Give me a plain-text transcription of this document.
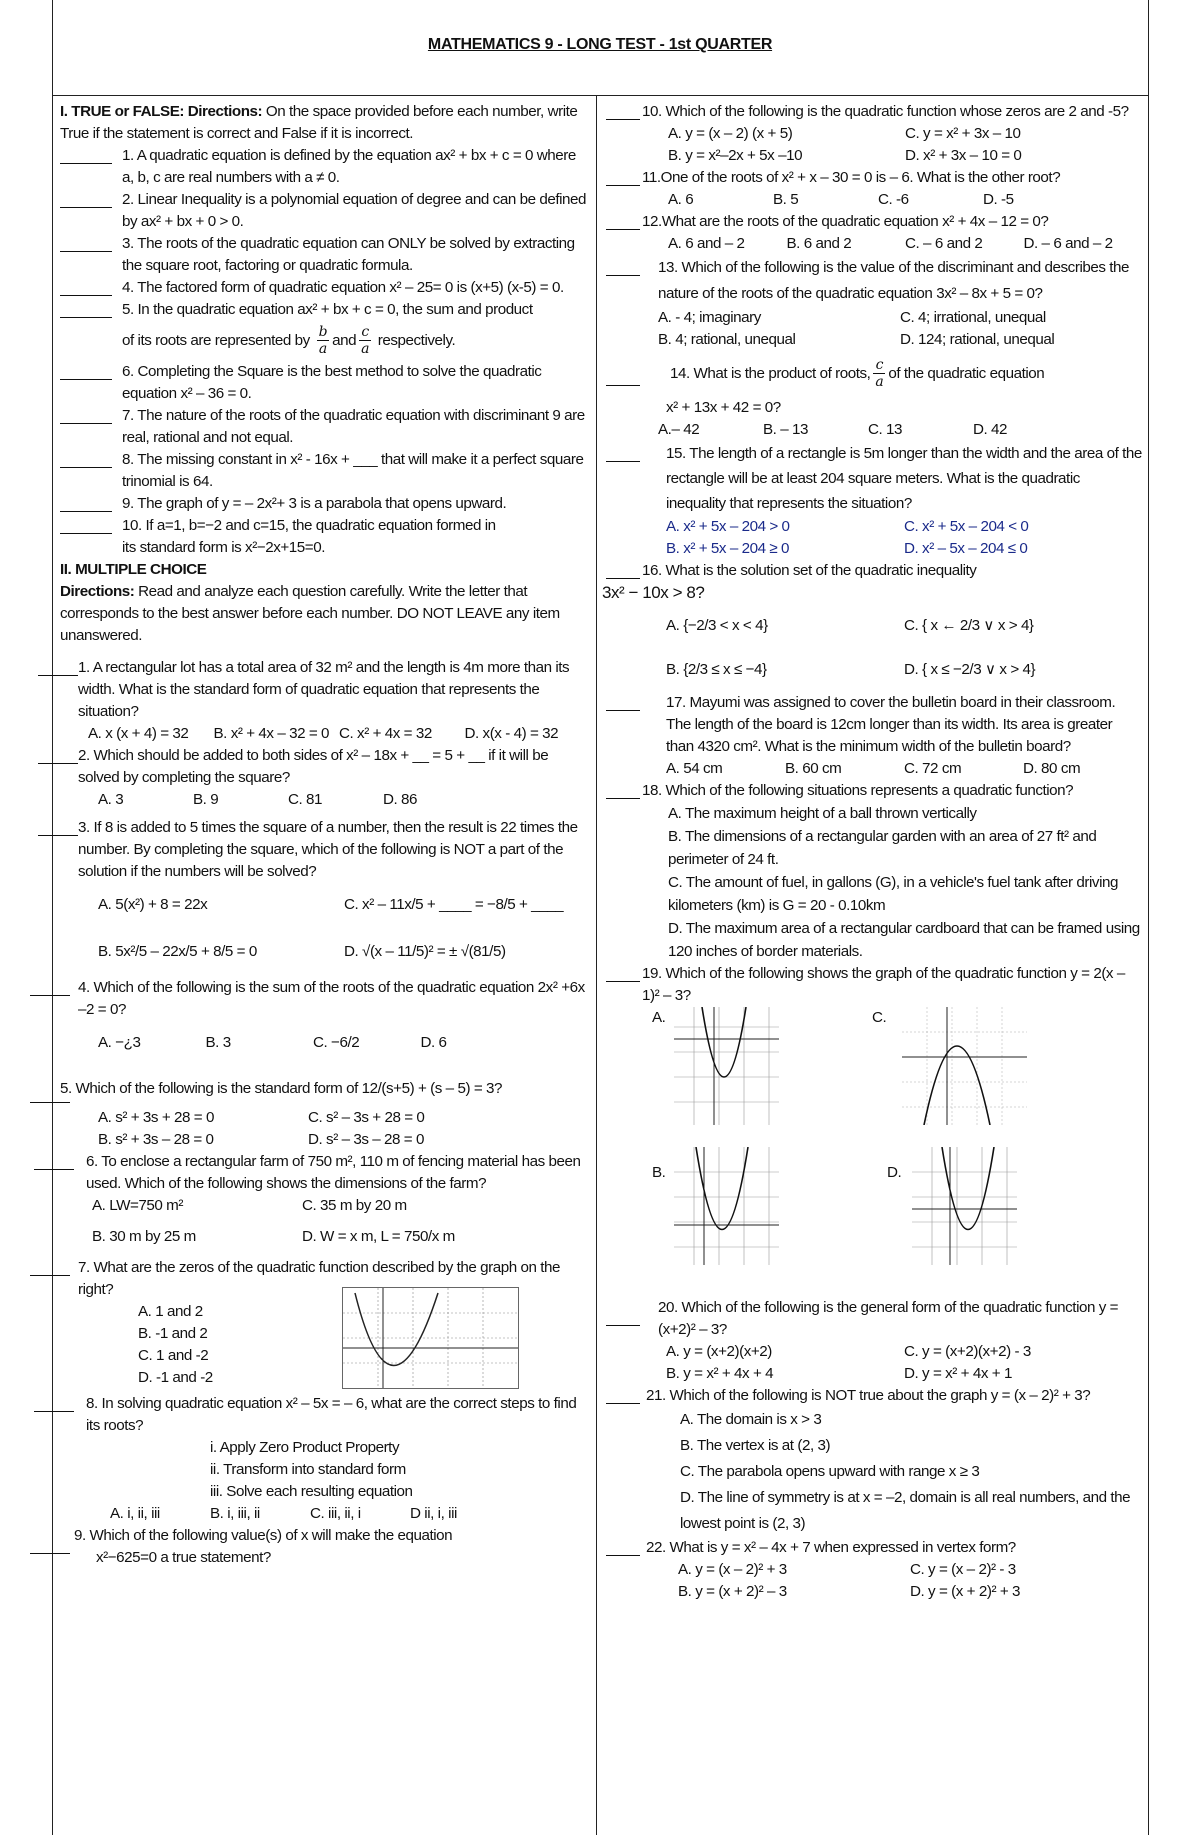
MATHEMATICS 9 - LONG TEST - 1st QUARTER

I. TRUE or FALSE: Directions: On the space provided before each number, write True if the statement is correct and False if it is incorrect.

1. A quadratic equation is defined by the equation ax² + bx + c = 0 where a, b, c are real numbers with a ≠ 0.

2. Linear Inequality is a polynomial equation of degree and can be defined by ax² + bx + 0 > 0.

3. The roots of the quadratic equation can ONLY be solved by extracting the square root, factoring or quadratic formula.

4. The factored form of quadratic equation x² – 25= 0 is (x+5) (x-5) = 0.

5. In the quadratic equation ax² + bx + c = 0, the sum and product

of its roots are represented by $\frac{b}{a}$ and $\frac{c}{a}$ respectively.

6. Completing the Square is the best method to solve the quadratic equation x² – 36 = 0.

7. The nature of the roots of the quadratic equation with discriminant 9 are real, rational and not equal.

8. The missing constant in x² - 16x + ___ that will make it a perfect square trinomial is 64.

9. The graph of y = – 2x²+ 3 is a parabola that opens upward.

10. If a=1, b=−2 and c=15, the quadratic equation formed in

its standard form is x²−2x+15=0.

II. MULTIPLE CHOICE

Directions: Read and analyze each question carefully. Write the letter that corresponds to the best answer before each number. DO NOT LEAVE any item unanswered.

1. A rectangular lot has a total area of 32 m² and the length is 4m more than its width. What is the standard form of quadratic equation that represents the situation?

A. x (x + 4) = 32	B. x² + 4x – 32 = 0 C. x² + 4x = 32	D. x(x - 4) = 32

2. Which should be added to both sides of x² – 18x + __ = 5 + __ if it will be solved by completing the square?

A. 3	B. 9	C. 81	D. 86

3. If 8 is added to 5 times the square of a number, then the result is 22 times the number. By completing the square, which of the following is NOT a part of the solution if the numbers will be solved?

A. 5(x²) + 8 = 22x	C. x² – 11x/5 + ____ = −8/5 + ____
B. 5x²/5 – 22x/5 + 8/5 = 0	D. √(x – 11/5)² = ± √(81/5)

4. Which of the following is the sum of the roots of the quadratic equation 2x² +6x –2 = 0?

A. −¿3	B. 3	C. −6/2	D. 6

5. Which of the following is the standard form of 12/(s+5) + (s – 5) = 3?

A. s² + 3s + 28 = 0	C. s² – 3s + 28 = 0
B. s² + 3s – 28 = 0	D. s² – 3s – 28 = 0

6. To enclose a rectangular farm of 750 m², 110 m of fencing material has been used. Which of the following shows the dimensions of the farm?

A. LW=750 m²	C. 35 m by 20 m
B. 30 m by 25 m	D. W = x m, L = 750/x m

7. What are the zeros of the quadratic function described by the graph on the right?

A. 1 and 2
B. -1 and 2
C. 1 and -2
D. -1 and -2

8. In solving quadratic equation x² – 5x = – 6, what are the correct steps to find its roots?

i. Apply Zero Product Property
ii. Transform into standard form
iii. Solve each resulting equation
A. i, ii, iii	B. i, iii, ii	C. iii, ii, i	D ii, i, iii

9. Which of the following value(s) of x will make the equation

x²−625=0 a true statement?

10. Which of the following is the quadratic function whose zeros are 2 and -5?

A. y = (x – 2) (x + 5)	C. y = x² + 3x – 10
B. y = x²–2x + 5x –10	D. x² + 3x – 10 = 0

11.One of the roots of x² + x – 30 = 0 is – 6. What is the other root?

A. 6	B. 5	C. -6	D. -5

12.What are the roots of the quadratic equation x² + 4x – 12 = 0?

A. 6 and – 2	B. 6 and 2	C. – 6 and 2	D. – 6 and – 2

13. Which of the following is the value of the discriminant and describes the nature of the roots of the quadratic equation 3x² – 8x + 5 = 0?

A. - 4; imaginary	C. 4; irrational, unequal
B. 4; rational, unequal	D. 124; rational, unequal

14. What is the product of roots, $\frac{c}{a}$ of the quadratic equation

x² + 13x + 42 = 0?

A.– 42	B. – 13	C. 13	D. 42

15. The length of a rectangle is 5m longer than the width and the area of the rectangle will be at least 204 square meters. What is the quadratic inequality that represents the situation?

A. x² + 5x – 204 > 0	C. x² + 5x – 204 < 0
B. x² + 5x – 204 ≥ 0	D. x² – 5x – 204 ≤ 0

16. What is the solution set of the quadratic inequality

3x² − 10x > 8?

A. {−2/3 < x < 4}	C. { x ← 2/3 ∨ x > 4}
B. {2/3 ≤ x ≤ −4}	D. { x ≤ −2/3 ∨ x > 4}

17. Mayumi was assigned to cover the bulletin board in their classroom. The length of the board is 12cm longer than its width. Its area is greater than 4320 cm². What is the minimum width of the bulletin board?

A. 54 cm	B. 60 cm	C. 72 cm	D. 80 cm

18. Which of the following situations represents a quadratic function?

A. The maximum height of a ball thrown vertically
B. The dimensions of a rectangular garden with an area of 27 ft² and perimeter of 24 ft.
C. The amount of fuel, in gallons (G), in a vehicle's fuel tank after driving kilometers (km) is G = 20 - 0.10km
D. The maximum area of a rectangular cardboard that can be framed using 120 inches of border materials.

19. Which of the following shows the graph of the quadratic function y = 2(x – 1)² – 3?

A.	C.
B.	D.

20. Which of the following is the general form of the quadratic function y = (x+2)² – 3?

A. y = (x+2)(x+2)	C. y = (x+2)(x+2) - 3
B. y = x² + 4x + 4	D. y = x² + 4x + 1

21. Which of the following is NOT true about the graph y = (x – 2)² + 3?

A. The domain is x > 3
B. The vertex is at (2, 3)
C. The parabola opens upward with range x ≥ 3
D. The line of symmetry is at x = –2, domain is all real numbers, and the lowest point is (2, 3)

22. What is y = x² – 4x + 7 when expressed in vertex form?

A. y = (x – 2)² + 3	C. y = (x – 2)² - 3
B. y = (x + 2)² – 3	D. y = (x + 2)² + 3
